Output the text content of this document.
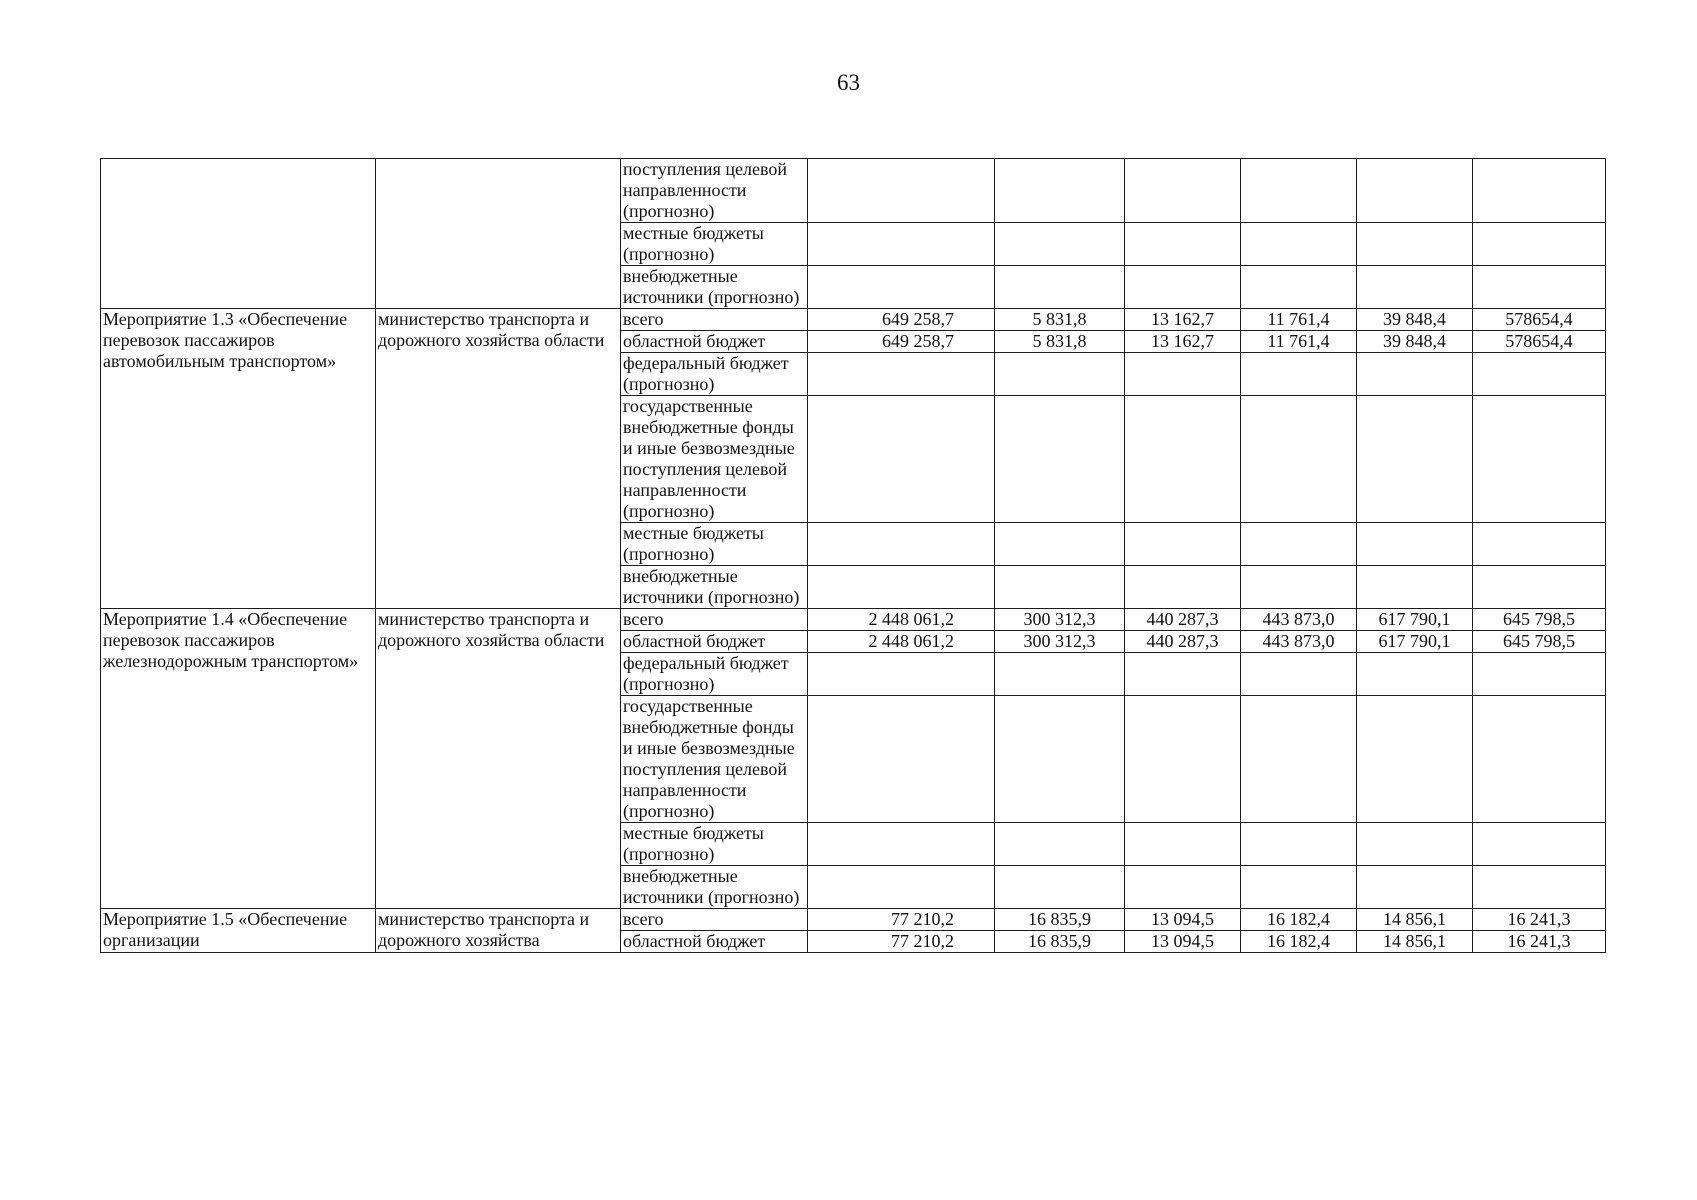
63
		поступления целевой направленности (прогнозно)						
		местные бюджеты (прогнозно)						
		внебюджетные источники (прогнозно)						
Мероприятие 1.3 «Обеспечение перевозок пассажиров автомобильным транспортом»	министерство транспорта и дорожного хозяйства области	всего	649 258,7	5 831,8	13 162,7	11 761,4	39 848,4	578654,4
		областной бюджет	649 258,7	5 831,8	13 162,7	11 761,4	39 848,4	578654,4
		федеральный бюджет (прогнозно)						
		государственные внебюджетные фонды и иные безвозмездные поступления целевой направленности (прогнозно)						
		местные бюджеты (прогнозно)						
		внебюджетные источники (прогнозно)						
Мероприятие 1.4 «Обеспечение перевозок пассажиров железнодорожным транспортом»	министерство транспорта и дорожного хозяйства области	всего	2 448 061,2	300 312,3	440 287,3	443 873,0	617 790,1	645 798,5
		областной бюджет	2 448 061,2	300 312,3	440 287,3	443 873,0	617 790,1	645 798,5
		федеральный бюджет (прогнозно)						
		государственные внебюджетные фонды и иные безвозмездные поступления целевой направленности (прогнозно)						
		местные бюджеты (прогнозно)						
		внебюджетные источники (прогнозно)						
Мероприятие 1.5 «Обеспечение организации	министерство транспорта и дорожного хозяйства	всего	77 210,2	16 835,9	13 094,5	16 182,4	14 856,1	16 241,3
		областной бюджет	77 210,2	16 835,9	13 094,5	16 182,4	14 856,1	16 241,3
